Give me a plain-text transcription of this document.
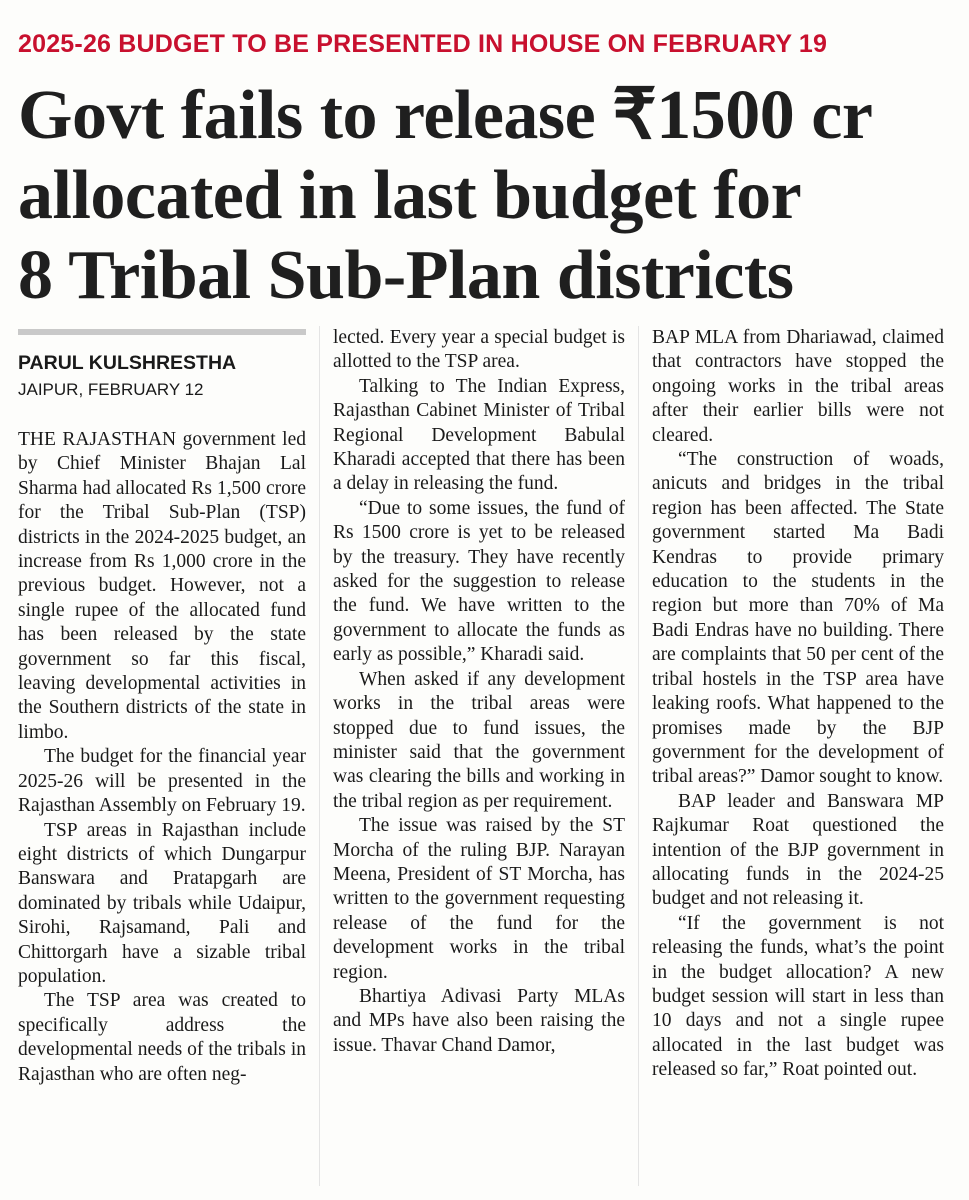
2025-26 BUDGET TO BE PRESENTED IN HOUSE ON FEBRUARY 19
Govt fails to release ₹1500 cr
allocated in last budget for
8 Tribal Sub-Plan districts
PARUL KULSHRESTHA
JAIPUR, FEBRUARY 12

THE RAJASTHAN government led by Chief Minister Bhajan Lal Sharma had allocated Rs 1,500 crore for the Tribal Sub-Plan (TSP) districts in the 2024-2025 budget, an increase from Rs 1,000 crore in the previous budget. However, not a single rupee of the allocated fund has been released by the state government so far this fiscal, leaving developmental activities in the Southern districts of the state in limbo.

The budget for the financial year 2025-26 will be presented in the Rajasthan Assembly on February 19.

TSP areas in Rajasthan include eight districts of which Dungarpur Banswara and Pratapgarh are dominated by tribals while Udaipur, Sirohi, Rajsamand, Pali and Chittorgarh have a sizable tribal population.

The TSP area was created to specifically address the developmental needs of the tribals in Rajasthan who are often neg-

lected. Every year a special budget is allotted to the TSP area.

Talking to The Indian Express, Rajasthan Cabinet Minister of Tribal Regional Development Babulal Kharadi accepted that there has been a delay in releasing the fund.

“Due to some issues, the fund of Rs 1500 crore is yet to be released by the treasury. They have recently asked for the suggestion to release the fund. We have written to the government to allocate the funds as early as possible,” Kharadi said.

When asked if any development works in the tribal areas were stopped due to fund issues, the minister said that the government was clearing the bills and working in the tribal region as per requirement.

The issue was raised by the ST Morcha of the ruling BJP. Narayan Meena, President of ST Morcha, has written to the government requesting release of the fund for the development works in the tribal region.

Bhartiya Adivasi Party MLAs and MPs have also been raising the issue. Thavar Chand Damor,

BAP MLA from Dhariawad, claimed that contractors have stopped the ongoing works in the tribal areas after their earlier bills were not cleared.

“The construction of woads, anicuts and bridges in the tribal region has been affected. The State government started Ma Badi Kendras to provide primary education to the students in the region but more than 70% of Ma Badi Endras have no building. There are complaints that 50 per cent of the tribal hostels in the TSP area have leaking roofs. What happened to the promises made by the BJP government for the development of tribal areas?” Damor sought to know.

BAP leader and Banswara MP Rajkumar Roat questioned the intention of the BJP government in allocating funds in the 2024-25 budget and not releasing it.

“If the government is not releasing the funds, what’s the point in the budget allocation? A new budget session will start in less than 10 days and not a single rupee allocated in the last budget was released so far,” Roat pointed out.
